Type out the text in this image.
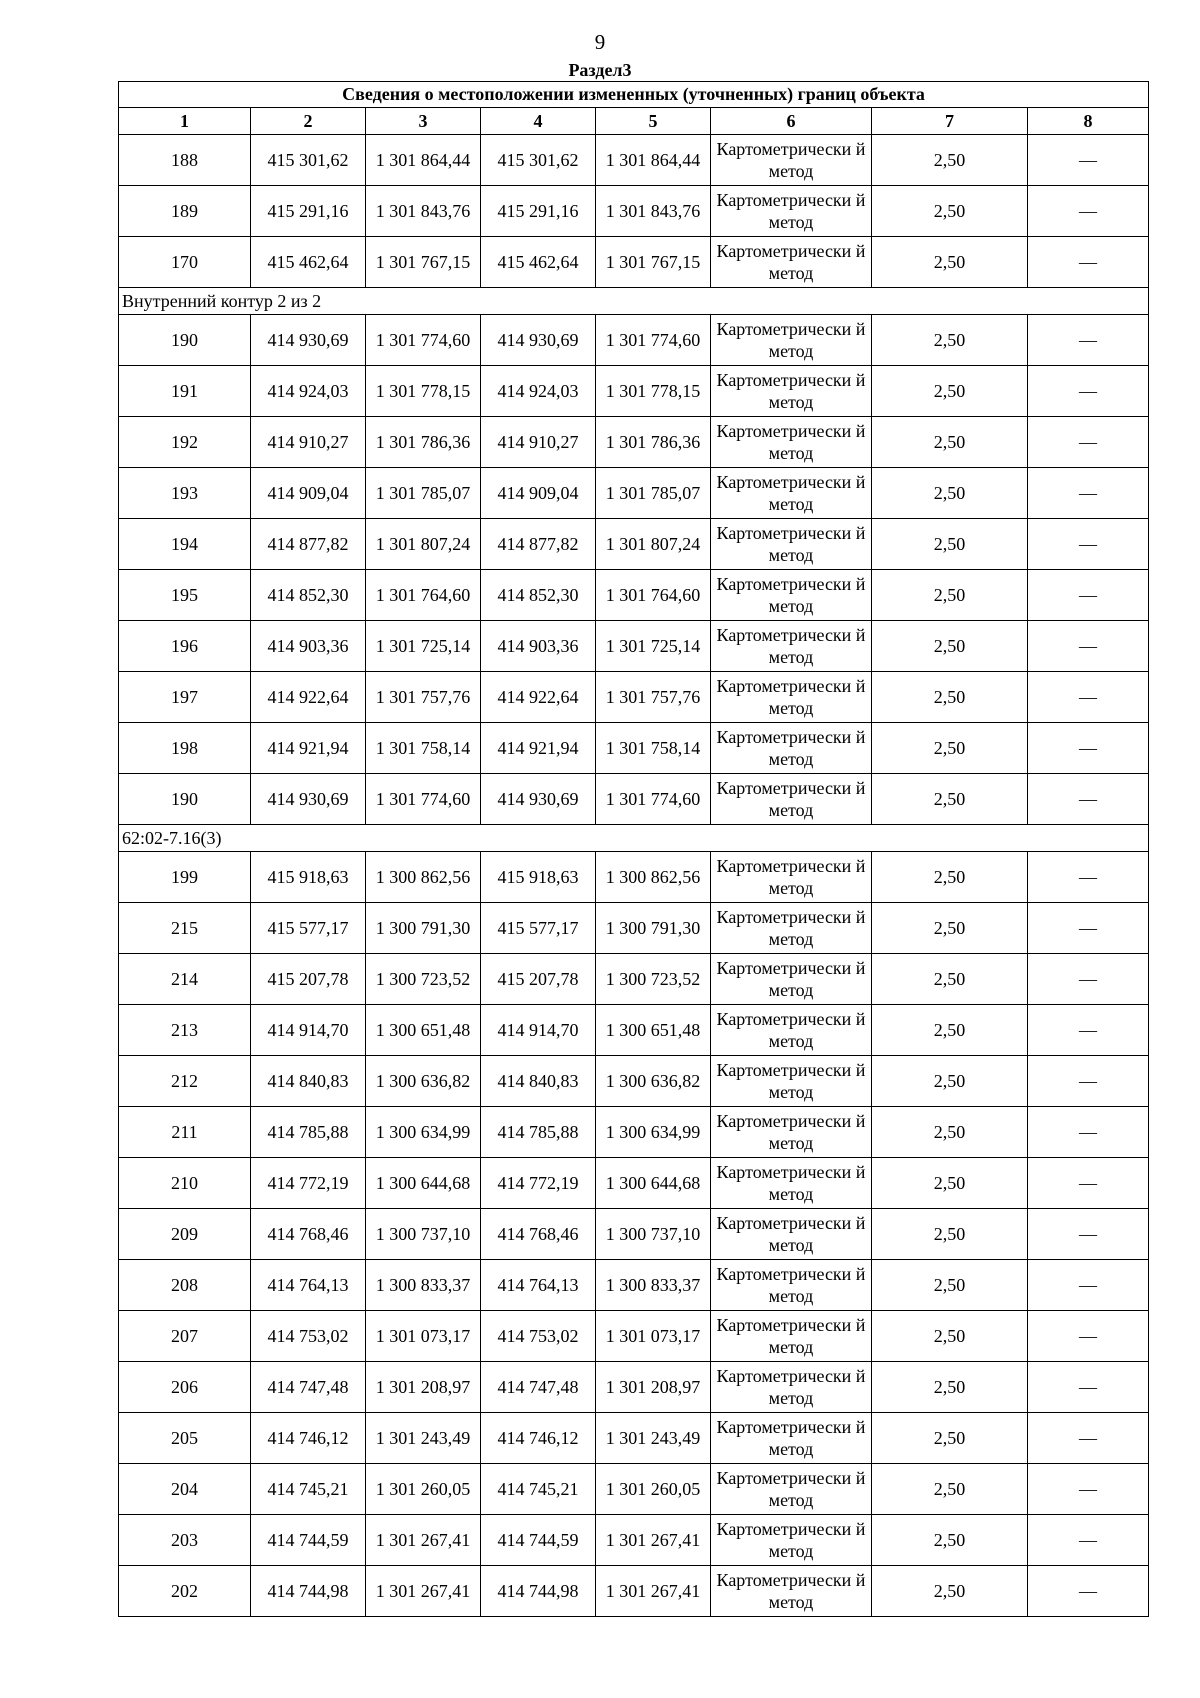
9
Раздел3
Сведения о местоположении измененных (уточненных) границ объекта							
1	2	3	4	5	6	7	8
188	415 301,62	1 301 864,44	415 301,62	1 301 864,44	Картометрически й метод	2,50	—
189	415 291,16	1 301 843,76	415 291,16	1 301 843,76	Картометрически й метод	2,50	—
170	415 462,64	1 301 767,15	415 462,64	1 301 767,15	Картометрически й метод	2,50	—
Внутренний контур 2 из 2							
190	414 930,69	1 301 774,60	414 930,69	1 301 774,60	Картометрически й метод	2,50	—
191	414 924,03	1 301 778,15	414 924,03	1 301 778,15	Картометрически й метод	2,50	—
192	414 910,27	1 301 786,36	414 910,27	1 301 786,36	Картометрически й метод	2,50	—
193	414 909,04	1 301 785,07	414 909,04	1 301 785,07	Картометрически й метод	2,50	—
194	414 877,82	1 301 807,24	414 877,82	1 301 807,24	Картометрически й метод	2,50	—
195	414 852,30	1 301 764,60	414 852,30	1 301 764,60	Картометрически й метод	2,50	—
196	414 903,36	1 301 725,14	414 903,36	1 301 725,14	Картометрически й метод	2,50	—
197	414 922,64	1 301 757,76	414 922,64	1 301 757,76	Картометрически й метод	2,50	—
198	414 921,94	1 301 758,14	414 921,94	1 301 758,14	Картометрически й метод	2,50	—
190	414 930,69	1 301 774,60	414 930,69	1 301 774,60	Картометрически й метод	2,50	—
62:02-7.16(3)							
199	415 918,63	1 300 862,56	415 918,63	1 300 862,56	Картометрически й метод	2,50	—
215	415 577,17	1 300 791,30	415 577,17	1 300 791,30	Картометрически й метод	2,50	—
214	415 207,78	1 300 723,52	415 207,78	1 300 723,52	Картометрически й метод	2,50	—
213	414 914,70	1 300 651,48	414 914,70	1 300 651,48	Картометрически й метод	2,50	—
212	414 840,83	1 300 636,82	414 840,83	1 300 636,82	Картометрически й метод	2,50	—
211	414 785,88	1 300 634,99	414 785,88	1 300 634,99	Картометрически й метод	2,50	—
210	414 772,19	1 300 644,68	414 772,19	1 300 644,68	Картометрически й метод	2,50	—
209	414 768,46	1 300 737,10	414 768,46	1 300 737,10	Картометрически й метод	2,50	—
208	414 764,13	1 300 833,37	414 764,13	1 300 833,37	Картометрически й метод	2,50	—
207	414 753,02	1 301 073,17	414 753,02	1 301 073,17	Картометрически й метод	2,50	—
206	414 747,48	1 301 208,97	414 747,48	1 301 208,97	Картометрически й метод	2,50	—
205	414 746,12	1 301 243,49	414 746,12	1 301 243,49	Картометрически й метод	2,50	—
204	414 745,21	1 301 260,05	414 745,21	1 301 260,05	Картометрически й метод	2,50	—
203	414 744,59	1 301 267,41	414 744,59	1 301 267,41	Картометрически й метод	2,50	—
202	414 744,98	1 301 267,41	414 744,98	1 301 267,41	Картометрически й метод	2,50	—
